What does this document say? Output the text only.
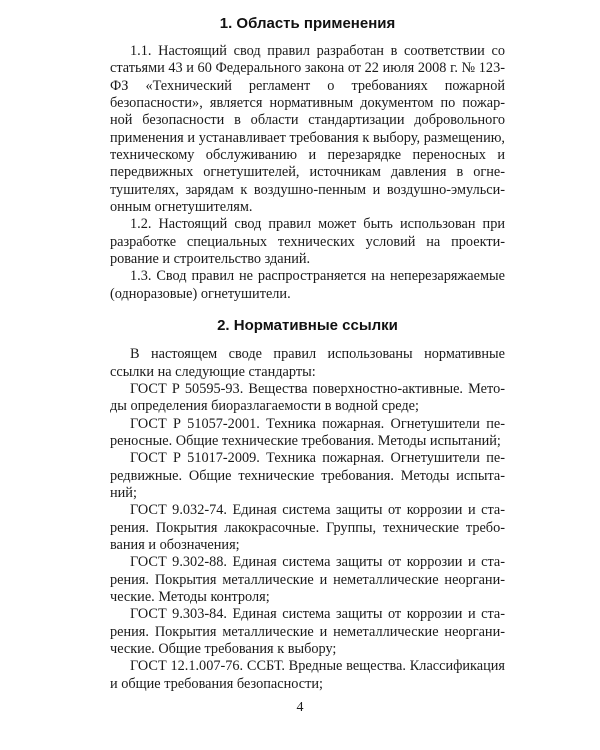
1. Область применения

1.1. Настоящий свод правил разработан в соответствии со статьями 43 и 60 Федерального закона от 22 июля 2008 г. № 123-ФЗ «Технический регламент о требованиях пожарной безопасности», является нормативным документом по пожарной безопасности в области стандартизации добровольного применения и устанавливает требования к выбору, размещению, техническому обслуживанию и перезарядке переносных и передвижных огнетушителей, источникам давления в огнетушителях, зарядам к воздушно-пенным и воздушно-эмульсионным огнетушителям.

1.2. Настоящий свод правил может быть использован при разработке специальных технических условий на проектирование и строительство зданий.

1.3. Свод правил не распространяется на неперезаряжаемые (одноразовые) огнетушители.

2. Нормативные ссылки

В настоящем своде правил использованы нормативные ссылки на следующие стандарты:

ГОСТ Р 50595-93. Вещества поверхностно-активные. Методы определения биоразлагаемости в водной среде;

ГОСТ Р 51057-2001. Техника пожарная. Огнетушители переносные. Общие технические требования. Методы испытаний;

ГОСТ Р 51017-2009. Техника пожарная. Огнетушители передвижные. Общие технические требования. Методы испытаний;

ГОСТ 9.032-74. Единая система защиты от коррозии и старения. Покрытия лакокрасочные. Группы, технические требования и обозначения;

ГОСТ 9.302-88. Единая система защиты от коррозии и старения. Покрытия металлические и неметаллические неорганические. Методы контроля;

ГОСТ 9.303-84. Единая система защиты от коррозии и старения. Покрытия металлические и неметаллические неорганические. Общие требования к выбору;

ГОСТ 12.1.007-76. ССБТ. Вредные вещества. Классификация и общие требования безопасности;

4
